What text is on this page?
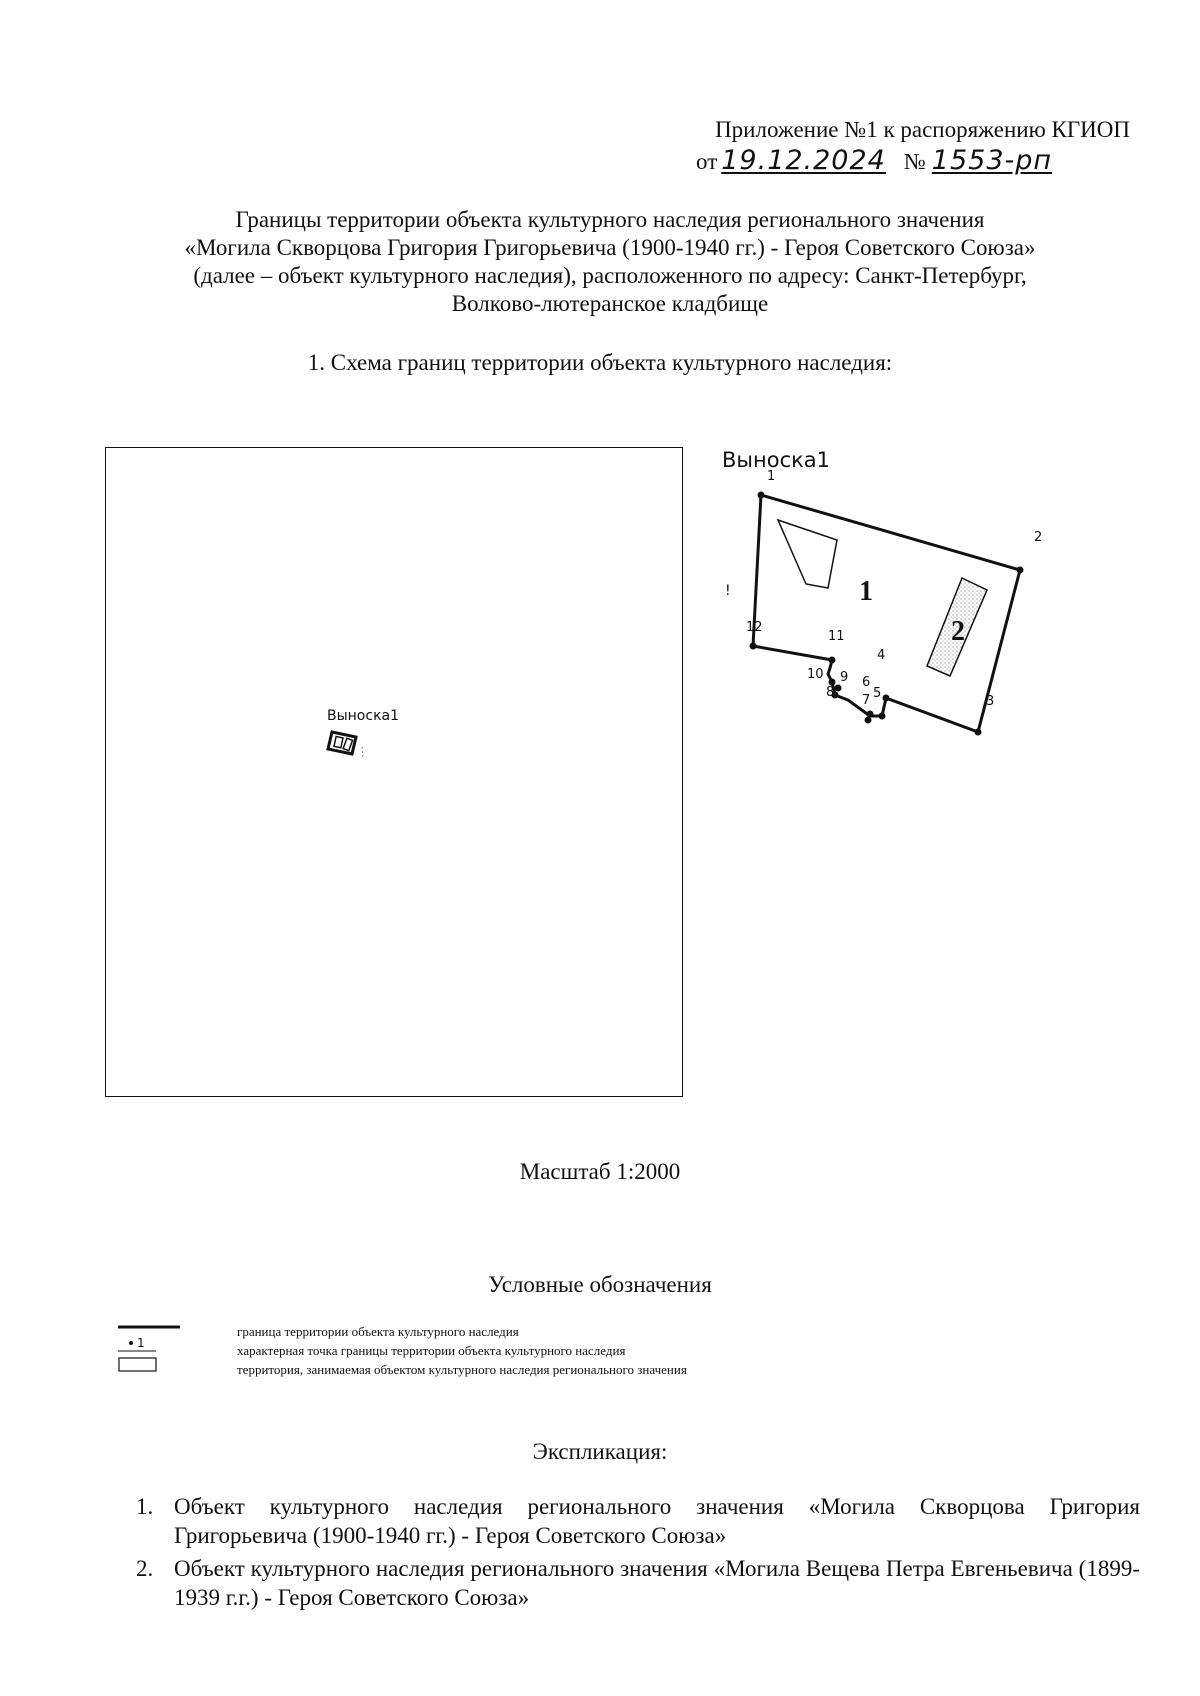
Приложение №1 к распоряжению КГИОП
от 19.12.2024 № 1553-рп
Границы территории объекта культурного наследия регионального значения
«Могила Скворцова Григория Григорьевича (1900-1940 гг.) - Героя Советского Союза»
(далее – объект культурного наследия), расположенного по адресу: Санкт-Петербург,
Волково-лютеранское кладбище
1. Схема границ территории объекта культурного наследия:
Выноска1
Выноска1
!	1
2
1
2
3
4
5
6
7
8
9
10
11
12
Масштаб 1:2000
Условные обозначения
1
граница территории объекта культурного наследия
характерная точка границы территории объекта культурного наследия
территория, занимаемая объектом культурного наследия регионального значения
Экспликация:
1. Объект культурного наследия регионального значения «Могила Скворцова Григория Григорьевича (1900-1940 гг.) - Героя Советского Союза»
2. Объект культурного наследия регионального значения «Могила Вещева Петра Евгеньевича (1899-1939 г.г.) - Героя Советского Союза»
